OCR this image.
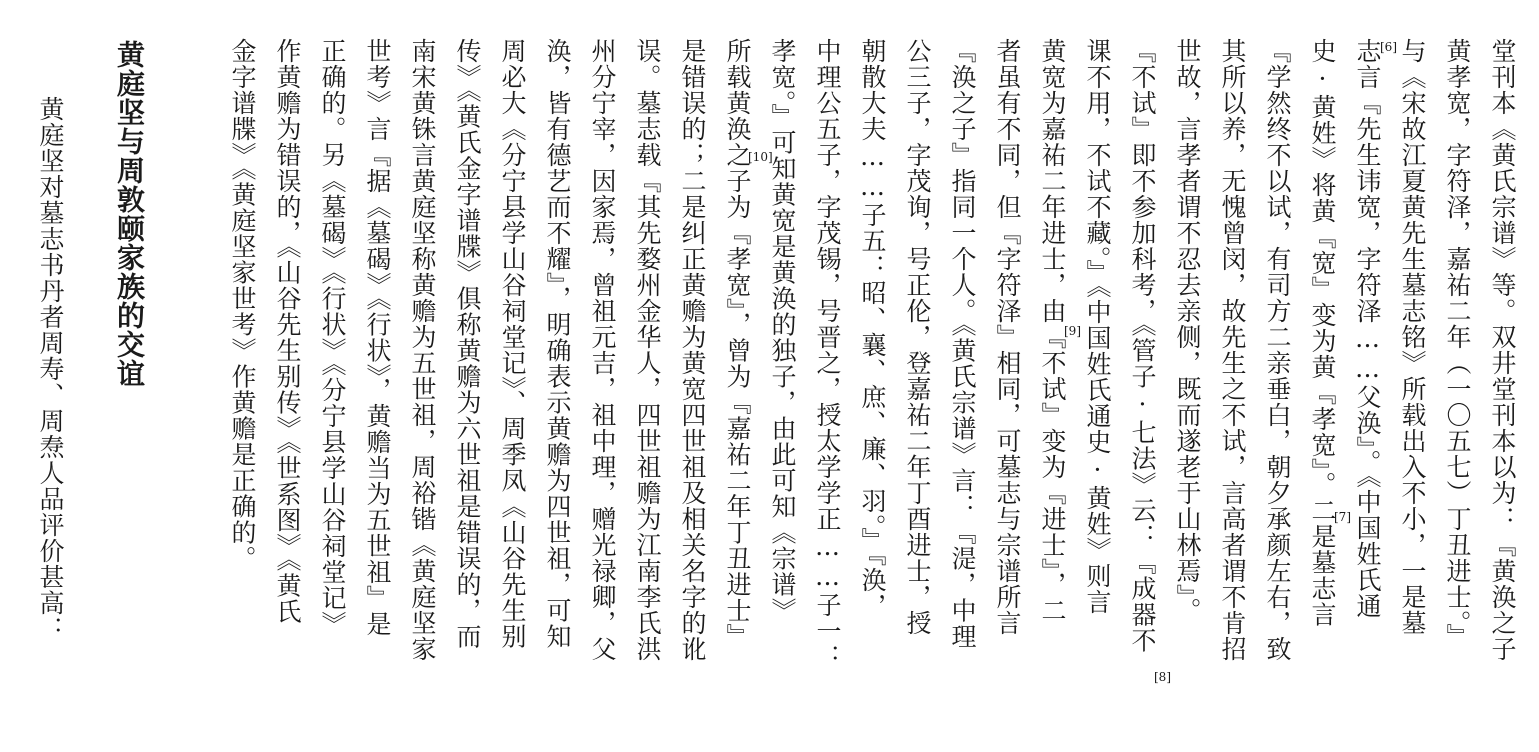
堂刊本《黄氏宗谱》等。双井堂刊本以为：『黄涣之子
黄孝宽，字符泽，嘉祐二年（一〇五七）丁丑进士。』
与《宋故江夏黄先生墓志铭》所载出入不小，一是墓
志言『先生讳宽，字符泽……父涣』。《中国姓氏通
史·黄姓》将黄『宽』变为黄『孝宽』。二是墓志言
『学然终不以试，有司方二亲垂白，朝夕承颜左右，致
其所以养，无愧曾闵，故先生之不试，言高者谓不肯招
世故，言孝者谓不忍去亲侧，既而遂老于山林焉』。
『不试』即不参加科考，《管子·七法》云：『成器不
课不用，不试不藏。』《中国姓氏通史·黄姓》则言
黄宽为嘉祐二年进士，由『不试』变为『进士』，二
者虽有不同，但『字符泽』相同，可墓志与宗谱所言
『涣之子』指同一个人。《黄氏宗谱》言：『湜，中理
公三子，字茂询，号正伦，登嘉祐二年丁酉进士，授
朝散大夫……子五：昭、襄、庶、廉、羽。』『涣，
中理公五子，字茂锡，号晋之，授太学学正……子一：
孝宽。』可知黄宽是黄涣的独子，由此可知《宗谱》
所载黄涣之子为『孝宽』，曾为『嘉祐二年丁丑进士』
是错误的；二是纠正黄赡为黄宽四世祖及相关名字的讹
误。墓志载『其先婺州金华人，四世祖赡为江南李氏洪
州分宁宰，因家焉，曾祖元吉，祖中理，赠光禄卿，父
涣，皆有德艺而不耀』，明确表示黄赡为四世祖，可知
周必大《分宁县学山谷祠堂记》、周季凤《山谷先生别
传》《黄氏金字谱牒》俱称黄赡为六世祖是错误的，而
南宋黄铢言黄庭坚称黄赡为五世祖，周裕锴《黄庭坚家
世考》言『据《墓碣》《行状》，黄赡当为五世祖』是
正确的。另《墓碣》《行状》《分宁县学山谷祠堂记》
作黄赡为错误的，《山谷先生别传》《世系图》《黄氏
金字谱牒》《黄庭坚家世考》作黄赡是正确的。
黄庭坚与周敦颐家族的交谊
黄庭坚对墓志书丹者周寿、周焘人品评价甚高：
[6]
[7]
[8]
[9]
[10]
